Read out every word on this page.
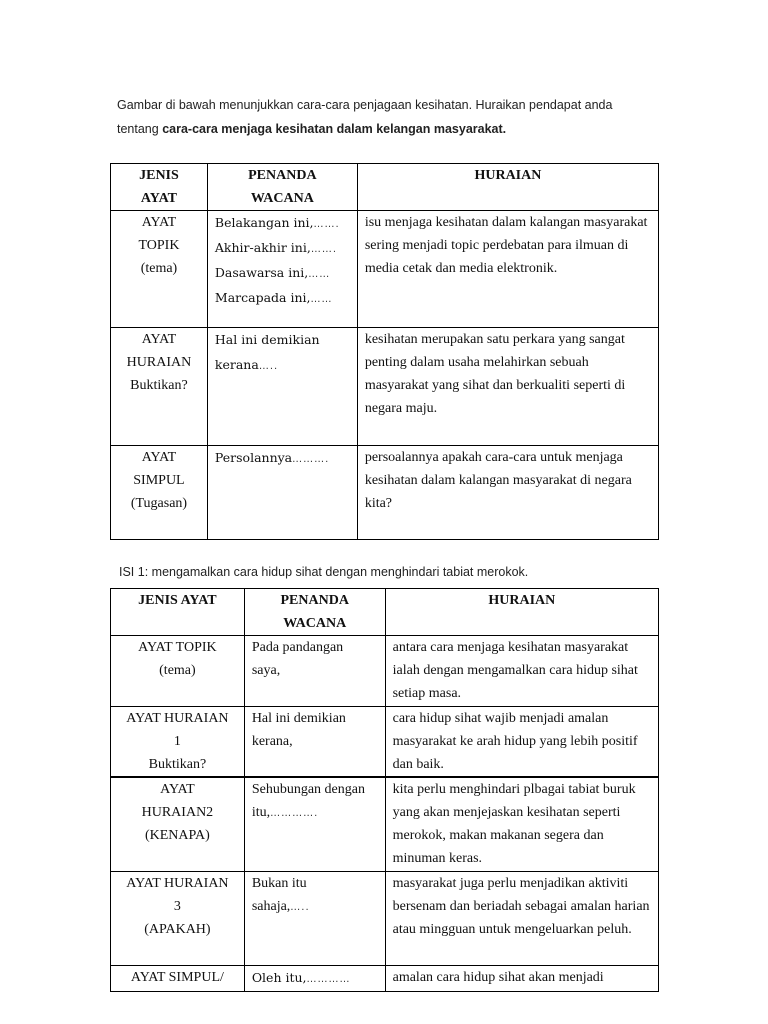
Gambar di bawah menunjukkan cara-cara penjagaan kesihatan. Huraikan pendapat anda
tentang cara-cara menjaga kesihatan dalam kelangan masyarakat.
JENIS
AYAT	PENANDA
WACANA	HURAIAN

AYAT
TOPIK
(tema)	Belakangan ini,…….
Akhir-akhir ini,…….
Dasawarsa ini,……
Marcapada ini,……	isu menjaga kesihatan dalam kalangan masyarakat sering menjadi topic perdebatan para ilmuan di media cetak dan media elektronik.

AYAT
HURAIAN
Buktikan?	Hal ini demikian
kerana…..	kesihatan merupakan satu perkara yang sangat penting dalam usaha melahirkan sebuah masyarakat yang sihat dan berkualiti seperti di negara maju.

AYAT
SIMPUL
(Tugasan)	Persolannya……….	persoalannya apakah cara-cara untuk menjaga kesihatan dalam kalangan masyarakat di negara kita?
ISI 1: mengamalkan cara hidup sihat dengan menghindari tabiat merokok.
JENIS AYAT	PENANDA
WACANA	HURAIAN

AYAT TOPIK
(tema)	Pada pandangan
saya,	antara cara menjaga kesihatan masyarakat ialah dengan mengamalkan cara hidup sihat setiap masa.

AYAT HURAIAN
1
Buktikan?	Hal ini demikian
kerana,	cara hidup sihat wajib menjadi amalan masyarakat ke arah hidup yang lebih positif dan baik.

AYAT
HURAIAN2
(KENAPA)	Sehubungan dengan
itu,………….	kita perlu menghindari plbagai tabiat buruk yang akan menjejaskan kesihatan seperti merokok, makan makanan segera dan minuman keras.

AYAT HURAIAN
3
(APAKAH)	Bukan itu
sahaja,…..	masyarakat juga perlu menjadikan aktiviti bersenam dan beriadah sebagai amalan harian atau mingguan untuk mengeluarkan peluh.

AYAT SIMPUL/	Oleh itu,…………	amalan cara hidup sihat akan menjadi
